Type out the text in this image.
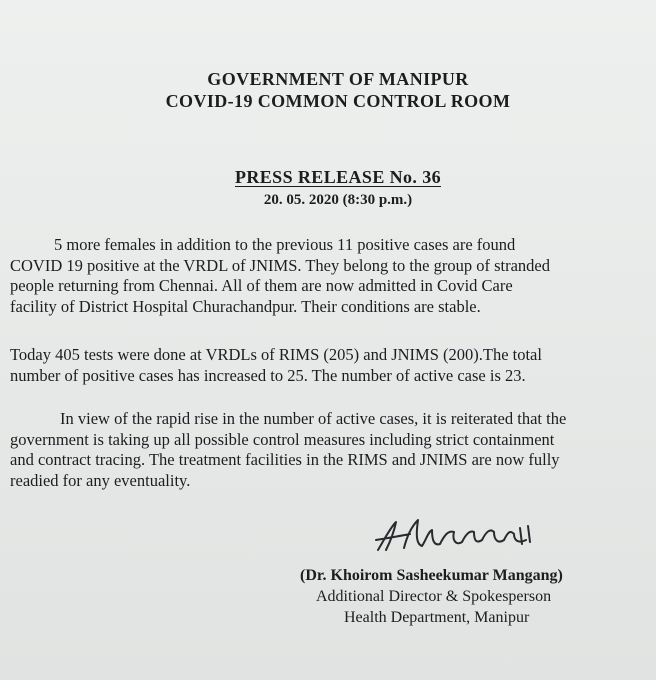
GOVERNMENT OF MANIPUR
COVID-19 COMMON CONTROL ROOM
PRESS RELEASE No. 36
20. 05. 2020 (8:30 p.m.)
5 more females in addition to the previous 11 positive cases are found
COVID 19 positive at the VRDL of JNIMS. They belong to the group of stranded
people returning from Chennai. All of them are now admitted in Covid Care
facility of District Hospital Churachandpur. Their conditions are stable.
Today 405 tests were done at VRDLs of RIMS (205) and JNIMS (200).The total
number of positive cases has increased to 25. The number of active case is 23.
In view of the rapid rise in the number of active cases, it is reiterated that the
government is taking up all possible control measures including strict containment
and contract tracing. The treatment facilities in the RIMS and JNIMS are now fully
readied for any eventuality.
(Dr. Khoirom Sasheekumar Mangang)
Additional Director & Spokesperson
Health Department, Manipur
